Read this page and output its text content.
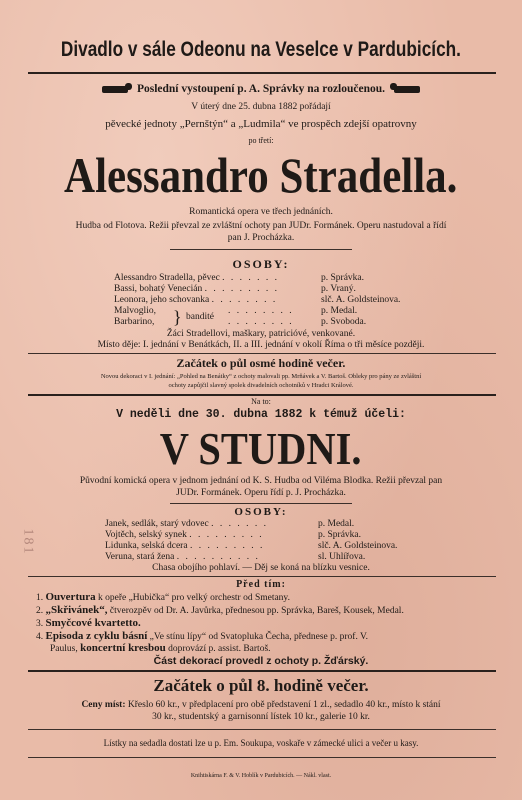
Divadlo v sále Odeonu na Veselce v Pardubicích.
Poslední vystoupení p. A. Správky na rozloučenou.
V úterý dne 25. dubna 1882 pořádají
pěvecké jednoty „Pernštýn“ a „Ludmila“ ve prospěch zdejší opatrovny
po třetí:
Alessandro Stradella.
Romantická opera ve třech jednáních.
Hudba od Flotova. Režii převzal ze zvláštní ochoty pan JUDr. Formánek. Operu nastudoval a řídí
pan J. Procházka.
OSOBY:
Alessandro Stradella, pěvec . . . . . . .	p. Správka.
Bassi, bohatý Venecián . . . . . . . . .	p. Vraný.
Leonora, jeho schovanka . . . . . . . .	slč. A. Goldsteinova.
Malvoglio,	p. Medal.
Barbarino,	p. Svoboda.
} bandité
. . . . . . . .
. . . . . . . .
Žáci Stradellovi, maškary, patricióvé, venkované.
Místo děje: I. jednání v Benátkách, II. a III. jednání v okolí Říma o tři měsíce později.
Začátek o půl osmé hodině večer.
Novou dekoraci v I. jednání: „Pohled na Benátky“ z ochoty malovali pp. Mrňávek a V. Bartoš. Obleky pro pány ze zvláštní
ochoty zapůjčil slavný spolek divadelních ochotníků v Hradci Králové.
Na to:
V neděli dne 30. dubna 1882 k témuž účeli:
V STUDNI.
Původní komická opera v jednom jednání od K. S. Hudba od Viléma Blodka. Režii převzal pan
JUDr. Formánek. Operu řídí p. J. Procházka.
OSOBY:
Janek, sedlák, starý vdovec . . . . . . .	p. Medal.
Vojtěch, selský synek . . . . . . . . .	p. Správka.
Lidunka, selská dcera . . . . . . . . .	slč. A. Goldsteinova.
Veruna, stará žena . . . . . . . . . .	sl. Uhlířova.
Chasa obojího pohlaví. — Děj se koná na blízku vesnice.
Před tím:
1. Ouvertura k opeře „Hubička“ pro velký orchestr od Smetany.
2. „Skřivánek“, čtverozpěv od Dr. A. Javůrka, přednesou pp. Správka, Bareš, Kousek, Medal.
3. Smyčcové kvartetto.
4. Episoda z cyklu básní „Ve stínu lípy“ od Svatopluka Čecha, přednese p. prof. V.
Paulus, koncertní kresbou doprovází p. assist. Bartoš.
Část dekorací provedl z ochoty p. Žďárský.
Začátek o půl 8. hodině večer.
Ceny míst: Křeslo 60 kr., v předplacení pro obě představení 1 zl., sedadlo 40 kr., místo k stání
30 kr., studentský a garnisonní lístek 10 kr., galerie 10 kr.
Lístky na sedadla dostati lze u p. Em. Soukupa, voskaře v zámecké ulici a večer u kasy.
Knihtiskárna F. & V. Hoblík v Pardubicích. — Nákl. vlast.
181
